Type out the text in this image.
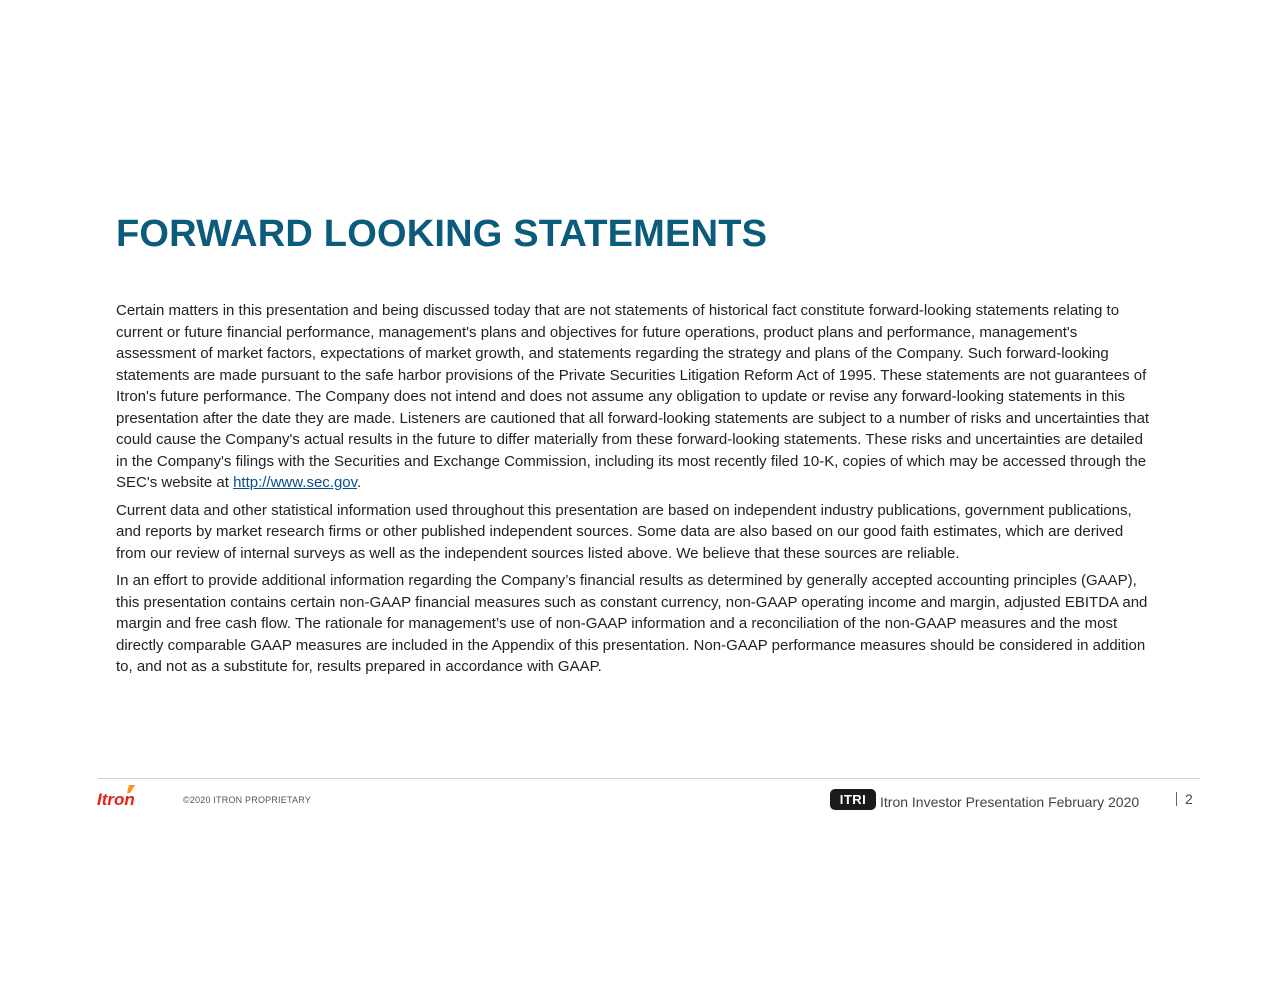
FORWARD LOOKING STATEMENTS

Certain matters in this presentation and being discussed today that are not statements of historical fact constitute forward-looking statements relating to current or future financial performance, management's plans and objectives for future operations, product plans and performance, management's assessment of market factors, expectations of market growth, and statements regarding the strategy and plans of the Company. Such forward-looking statements are made pursuant to the safe harbor provisions of the Private Securities Litigation Reform Act of 1995. These statements are not guarantees of Itron's future performance. The Company does not intend and does not assume any obligation to update or revise any forward-looking statements in this presentation after the date they are made. Listeners are cautioned that all forward-looking statements are subject to a number of risks and uncertainties that could cause the Company's actual results in the future to differ materially from these forward-looking statements. These risks and uncertainties are detailed in the Company's filings with the Securities and Exchange Commission, including its most recently filed 10-K, copies of which may be accessed through the SEC's website at http://www.sec.gov.

Current data and other statistical information used throughout this presentation are based on independent industry publications, government publications, and reports by market research firms or other published independent sources. Some data are also based on our good faith estimates, which are derived from our review of internal surveys as well as the independent sources listed above. We believe that these sources are reliable.

In an effort to provide additional information regarding the Company’s financial results as determined by generally accepted accounting principles (GAAP), this presentation contains certain non-GAAP financial measures such as constant currency, non-GAAP operating income and margin, adjusted EBITDA and margin and free cash flow. The rationale for management’s use of non-GAAP information and a reconciliation of the non-GAAP measures and the most directly comparable GAAP measures are included in the Appendix of this presentation. Non-GAAP performance measures should be considered in addition to, and not as a substitute for, results prepared in accordance with GAAP.

Itron	©2020 ITRON PROPRIETARY	ITRI Itron Investor Presentation February 2020	2
